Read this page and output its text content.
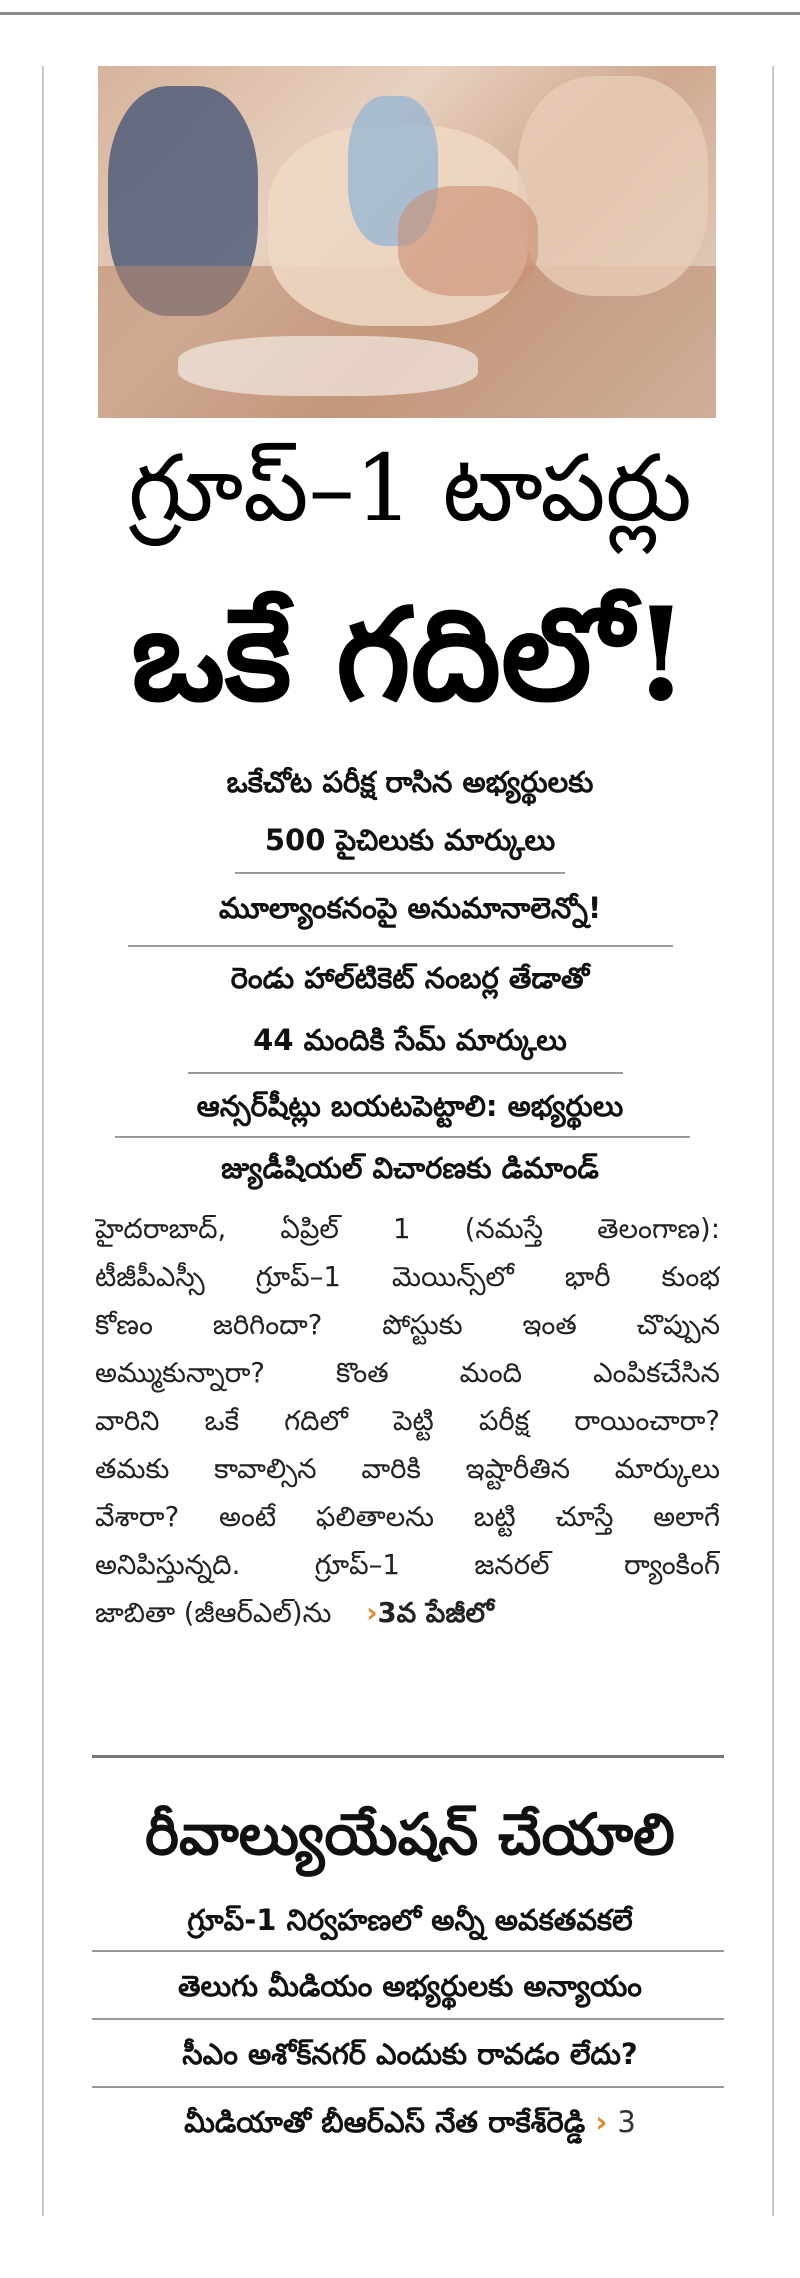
గ్రూప్–1 టాపర్లు
ఒకే గదిలో!
ఒకేచోట పరీక్ష రాసిన అభ్యర్థులకు
500 పైచిలుకు మార్కులు
మూల్యాంకనంపై అనుమానాలెన్నో!
రెండు హాల్‌టికెట్ నంబర్ల తేడాతో
44 మందికి సేమ్ మార్కులు
ఆన్సర్‌షీట్లు బయటపెట్టాలి: అభ్యర్థులు
జ్యుడీషియల్ విచారణకు డిమాండ్
హైదరాబాద్, ఏప్రిల్ 1 (నమస్తే తెలంగాణ):
టీజీపీఎస్సీ గ్రూప్–1 మెయిన్స్‌లో భారీ కుంభ
కోణం జరిగిందా? పోస్టుకు ఇంత చొప్పున
అమ్ముకున్నారా? కొంత మంది ఎంపికచేసిన
వారిని ఒకే గదిలో పెట్టి పరీక్ష రాయించారా?
తమకు కావాల్సిన వారికి ఇష్టారీతిన మార్కులు
వేశారా? అంటే ఫలితాలను బట్టి చూస్తే అలాగే
అనిపిస్తున్నది. గ్రూప్–1 జనరల్ ర్యాంకింగ్
జాబితా (జీఆర్ఎల్)ను ›3వ పేజీలో
రీవాల్యుయేషన్ చేయాలి
గ్రూప్-1 నిర్వహణలో అన్నీ అవకతవకలే
తెలుగు మీడియం అభ్యర్థులకు అన్యాయం
సీఎం అశోక్‌నగర్ ఎందుకు రావడం లేదు?
మీడియాతో బీఆర్ఎస్ నేత రాకేశ్‌రెడ్డి › 3
